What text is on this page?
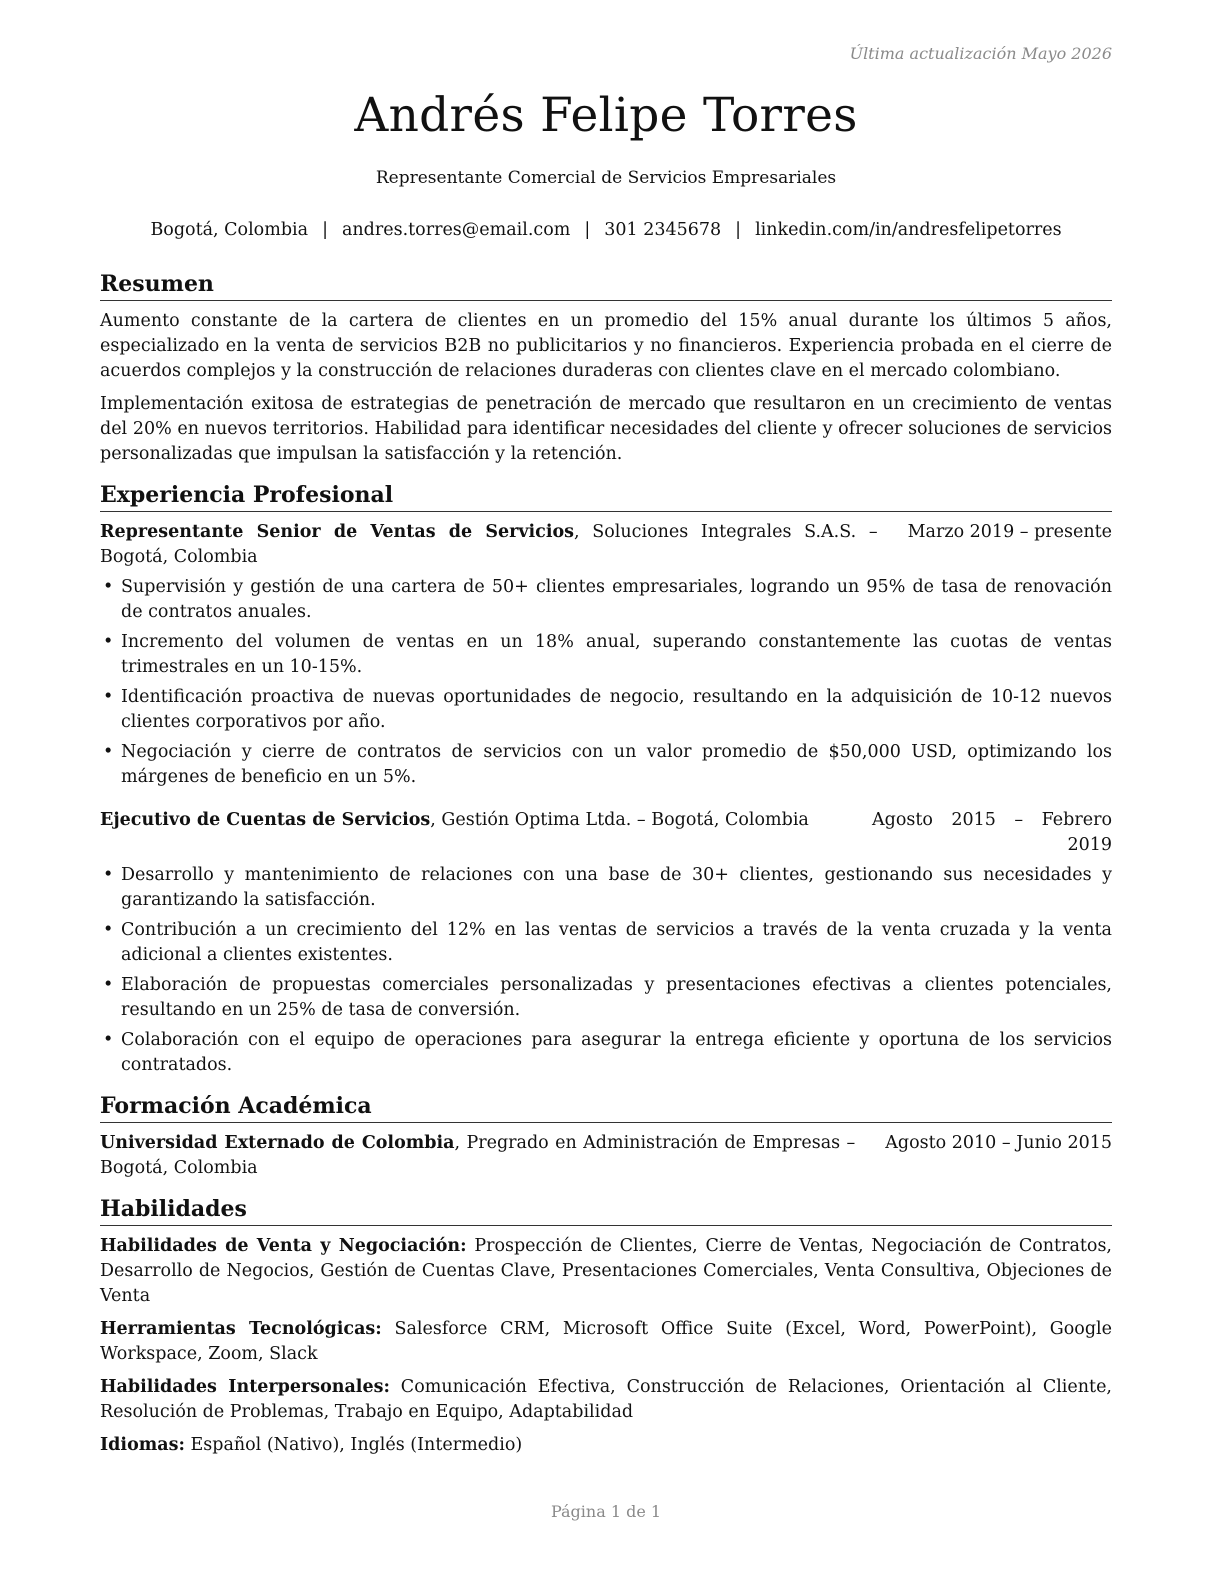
Última actualización Mayo 2026
Andrés Felipe Torres
Representante Comercial de Servicios Empresariales
Bogotá, Colombia | andres.torres@email.com | 301 2345678 | linkedin.com/in/andresfelipetorres
Resumen

Aumento constante de la cartera de clientes en un promedio del 15% anual durante los últimos 5 años, especializado en la venta de servicios B2B no publicitarios y no financieros. Experiencia probada en el cierre de acuerdos complejos y la construcción de relaciones duraderas con clientes clave en el mercado colombiano.

Implementación exitosa de estrategias de penetración de mercado que resultaron en un crecimiento de ventas del 20% en nuevos territorios. Habilidad para identificar necesidades del cliente y ofrecer soluciones de servicios personalizadas que impulsan la satisfacción y la retención.

Experiencia Profesional
Representante Senior de Ventas de Servicios, Soluciones Integrales S.A.S. – Bogotá, Colombia
Marzo 2019 – presente
• Supervisión y gestión de una cartera de 50+ clientes empresariales, logrando un 95% de tasa de renovación de contratos anuales.
• Incremento del volumen de ventas en un 18% anual, superando constantemente las cuotas de ventas trimestrales en un 10-15%.
• Identificación proactiva de nuevas oportunidades de negocio, resultando en la adquisición de 10-12 nuevos clientes corporativos por año.
• Negociación y cierre de contratos de servicios con un valor promedio de $50,000 USD, optimizando los márgenes de beneficio en un 5%.
Ejecutivo de Cuentas de Servicios, Gestión Optima Ltda. – Bogotá, Colombia	Agosto 2015 – Febrero 2019
• Desarrollo y mantenimiento de relaciones con una base de 30+ clientes, gestionando sus necesidades y garantizando la satisfacción.
• Contribución a un crecimiento del 12% en las ventas de servicios a través de la venta cruzada y la venta adicional a clientes existentes.
• Elaboración de propuestas comerciales personalizadas y presentaciones efectivas a clientes potenciales, resultando en un 25% de tasa de conversión.
• Colaboración con el equipo de operaciones para asegurar la entrega eficiente y oportuna de los servicios contratados.
Formación Académica
Universidad Externado de Colombia, Pregrado en Administración de Empresas – Bogotá, Colombia
Agosto 2010 – Junio 2015
Habilidades
Habilidades de Venta y Negociación: Prospección de Clientes, Cierre de Ventas, Negociación de Contratos, Desarrollo de Negocios, Gestión de Cuentas Clave, Presentaciones Comerciales, Venta Consultiva, Objeciones de Venta
Herramientas Tecnológicas: Salesforce CRM, Microsoft Office Suite (Excel, Word, PowerPoint), Google Workspace, Zoom, Slack
Habilidades Interpersonales: Comunicación Efectiva, Construcción de Relaciones, Orientación al Cliente, Resolución de Problemas, Trabajo en Equipo, Adaptabilidad
Idiomas: Español (Nativo), Inglés (Intermedio)
Página 1 de 1
